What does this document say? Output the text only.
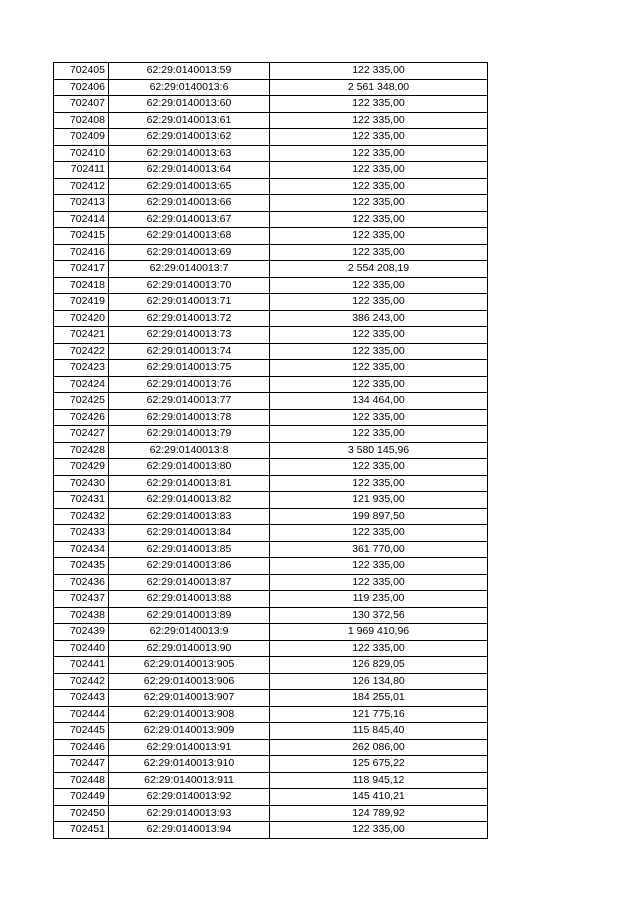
702405	62:29:0140013:59	122 335,00
702406	62:29:0140013:6	2 561 348,00
702407	62:29:0140013:60	122 335,00
702408	62:29:0140013:61	122 335,00
702409	62:29:0140013:62	122 335,00
702410	62:29:0140013:63	122 335,00
702411	62:29:0140013:64	122 335,00
702412	62:29:0140013:65	122 335,00
702413	62:29:0140013:66	122 335,00
702414	62:29:0140013:67	122 335,00
702415	62:29:0140013:68	122 335,00
702416	62:29:0140013:69	122 335,00
702417	62:29:0140013:7	2 554 208,19
702418	62:29:0140013:70	122 335,00
702419	62:29:0140013:71	122 335,00
702420	62:29:0140013:72	386 243,00
702421	62:29:0140013:73	122 335,00
702422	62:29:0140013:74	122 335,00
702423	62:29:0140013:75	122 335,00
702424	62:29:0140013:76	122 335,00
702425	62:29:0140013:77	134 464,00
702426	62:29:0140013:78	122 335,00
702427	62:29:0140013:79	122 335,00
702428	62:29:0140013:8	3 580 145,96
702429	62:29:0140013:80	122 335,00
702430	62:29:0140013:81	122 335,00
702431	62:29:0140013:82	121 935,00
702432	62:29:0140013:83	199 897,50
702433	62:29:0140013:84	122 335,00
702434	62:29:0140013:85	361 770,00
702435	62:29:0140013:86	122 335,00
702436	62:29:0140013:87	122 335,00
702437	62:29:0140013:88	119 235,00
702438	62:29:0140013:89	130 372,56
702439	62:29:0140013:9	1 969 410,96
702440	62:29:0140013:90	122 335,00
702441	62:29:0140013:905	126 829,05
702442	62:29:0140013:906	126 134,80
702443	62:29:0140013:907	184 255,01
702444	62:29:0140013:908	121 775,16
702445	62:29:0140013:909	115 845,40
702446	62:29:0140013:91	262 086,00
702447	62:29:0140013:910	125 675,22
702448	62:29:0140013:911	118 945,12
702449	62:29:0140013:92	145 410,21
702450	62:29:0140013:93	124 789,92
702451	62:29:0140013:94	122 335,00
